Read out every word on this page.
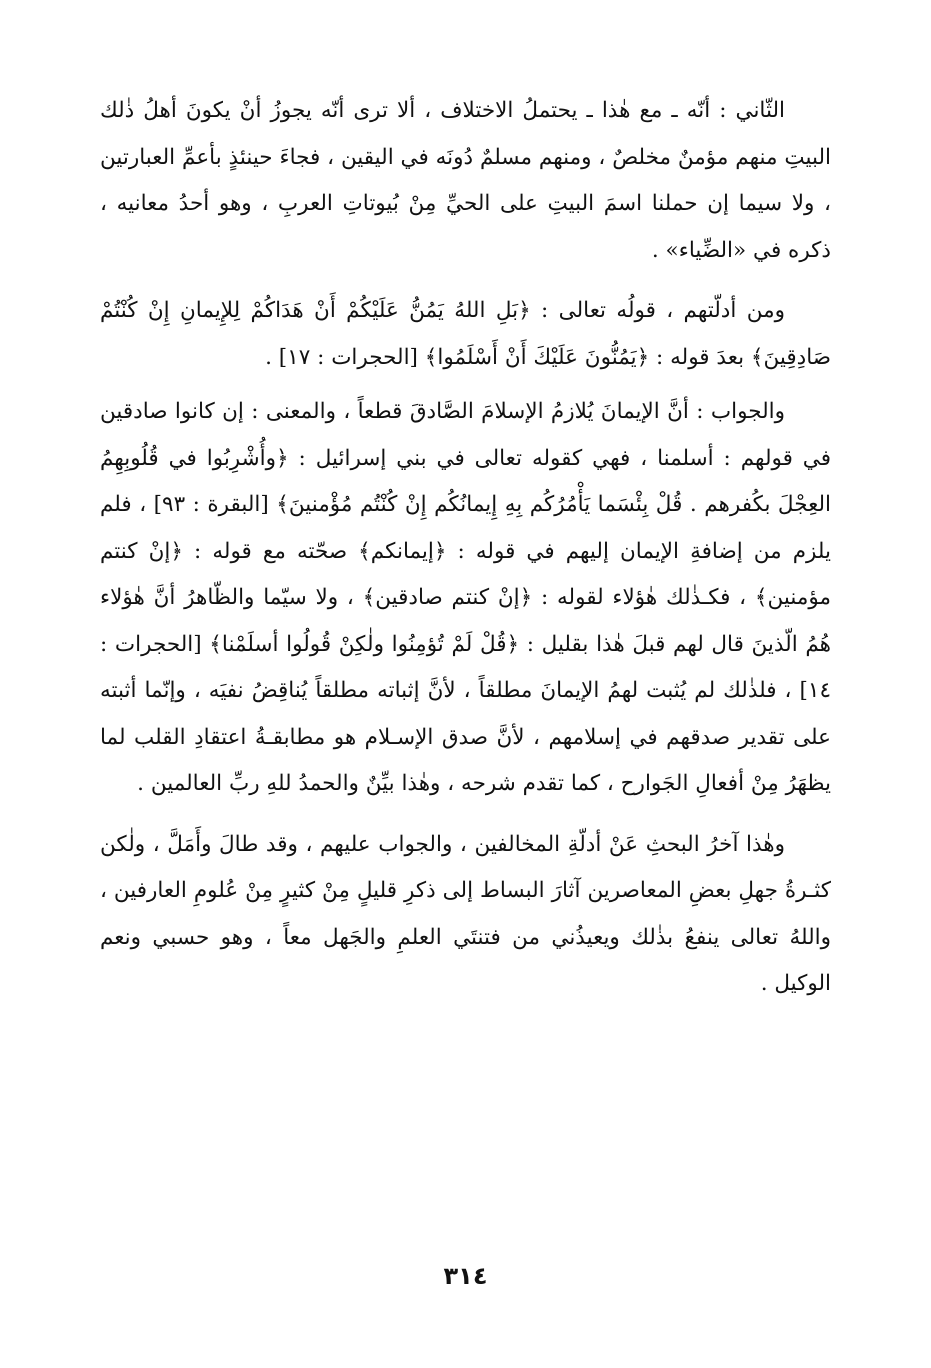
الثّاني : أنّه ـ مع هٰذا ـ يحتملُ الاختلاف ، ألا ترى أنّه يجوزُ أنْ يكونَ أهلُ ذٰلك البيتِ منهم مؤمنٌ مخلصٌ ، ومنهم مسلمٌ دُونَه في اليقين ، فجاءَ حينئذٍ بأعمِّ العبارتين ، ولا سيما إن حملنا اسمَ البيتِ على الحيِّ مِنْ بُيوتاتِ العربِ ، وهو أحدُ معانيه ، ذكره في «الضِّياء» .

ومن أدلّتهم ، قولُه تعالى : ﴿بَلِ اللهُ يَمُنُّ عَلَيْكُمْ أَنْ هَدَاكُمْ لِلإِيمانِ إِنْ كُنْتُمْ صَادِقِينَ﴾ بعدَ قوله : ﴿يَمُنُّونَ عَلَيْكَ أَنْ أَسْلَمُوا﴾ [الحجرات : ١٧] .

والجواب : أنَّ الإيمانَ يُلازمُ الإسلامَ الصَّادقَ قطعاً ، والمعنى : إن كانوا صادقين في قولهم : أسلمنا ، فهي كقوله تعالى في بني إسرائيل : ﴿وأُشْرِبُوا في قُلُوبِهِمُ العِجْلَ بكُفرهم . قُلْ بِئْسَما يَأْمُرُكُم بِهِ إِيمانُكُم إِنْ كُنْتُم مُؤْمنينَ﴾ [البقرة : ٩٣] ، فلم يلزم من إضافةِ الإيمان إليهم في قوله : ﴿إيمانكم﴾ صحّته مع قوله : ﴿إنْ كنتم مؤمنين﴾ ، فكـذٰلك هٰؤلاء لقوله : ﴿إنْ كنتم صادقين﴾ ، ولا سيّما والظّاهرُ أنَّ هٰؤلاء هُمُ الّذينَ قال لهم قبلَ هٰذا بقليل : ﴿قُلْ لَمْ تُؤمِنُوا ولٰكِنْ قُولُوا أسلَمْنا﴾ [الحجرات : ١٤] ، فلذٰلك لم يُثبت لهمُ الإيمانَ مطلقاً ، لأنَّ إثباته مطلقاً يُناقِضُ نفيَه ، وإنّما أثبته على تقدير صدقهم في إسلامهم ، لأنَّ صدق الإسـلام هو مطابقـةُ اعتقادِ القلب لما يظهَرُ مِنْ أفعالِ الجَوارح ، كما تقدم شرحه ، وهٰذا بيِّنٌ والحمدُ للهِ ربِّ العالمين .

وهٰذا آخرُ البحثِ عَنْ أدلّةِ المخالفين ، والجواب عليهم ، وقد طالَ وأَمَلَّ ، ولٰكن كثـرةُ جهلِ بعضِ المعاصرين آثارَ البساط إلى ذكرِ قليلٍ مِنْ كثيرٍ مِنْ عُلومِ العارفين ، واللهُ تعالى ينفعُ بذٰلك ويعيذُني من فتنتَي العلمِ والجَهل معاً ، وهو حسبي ونعم الوكيل .

٣١٤
